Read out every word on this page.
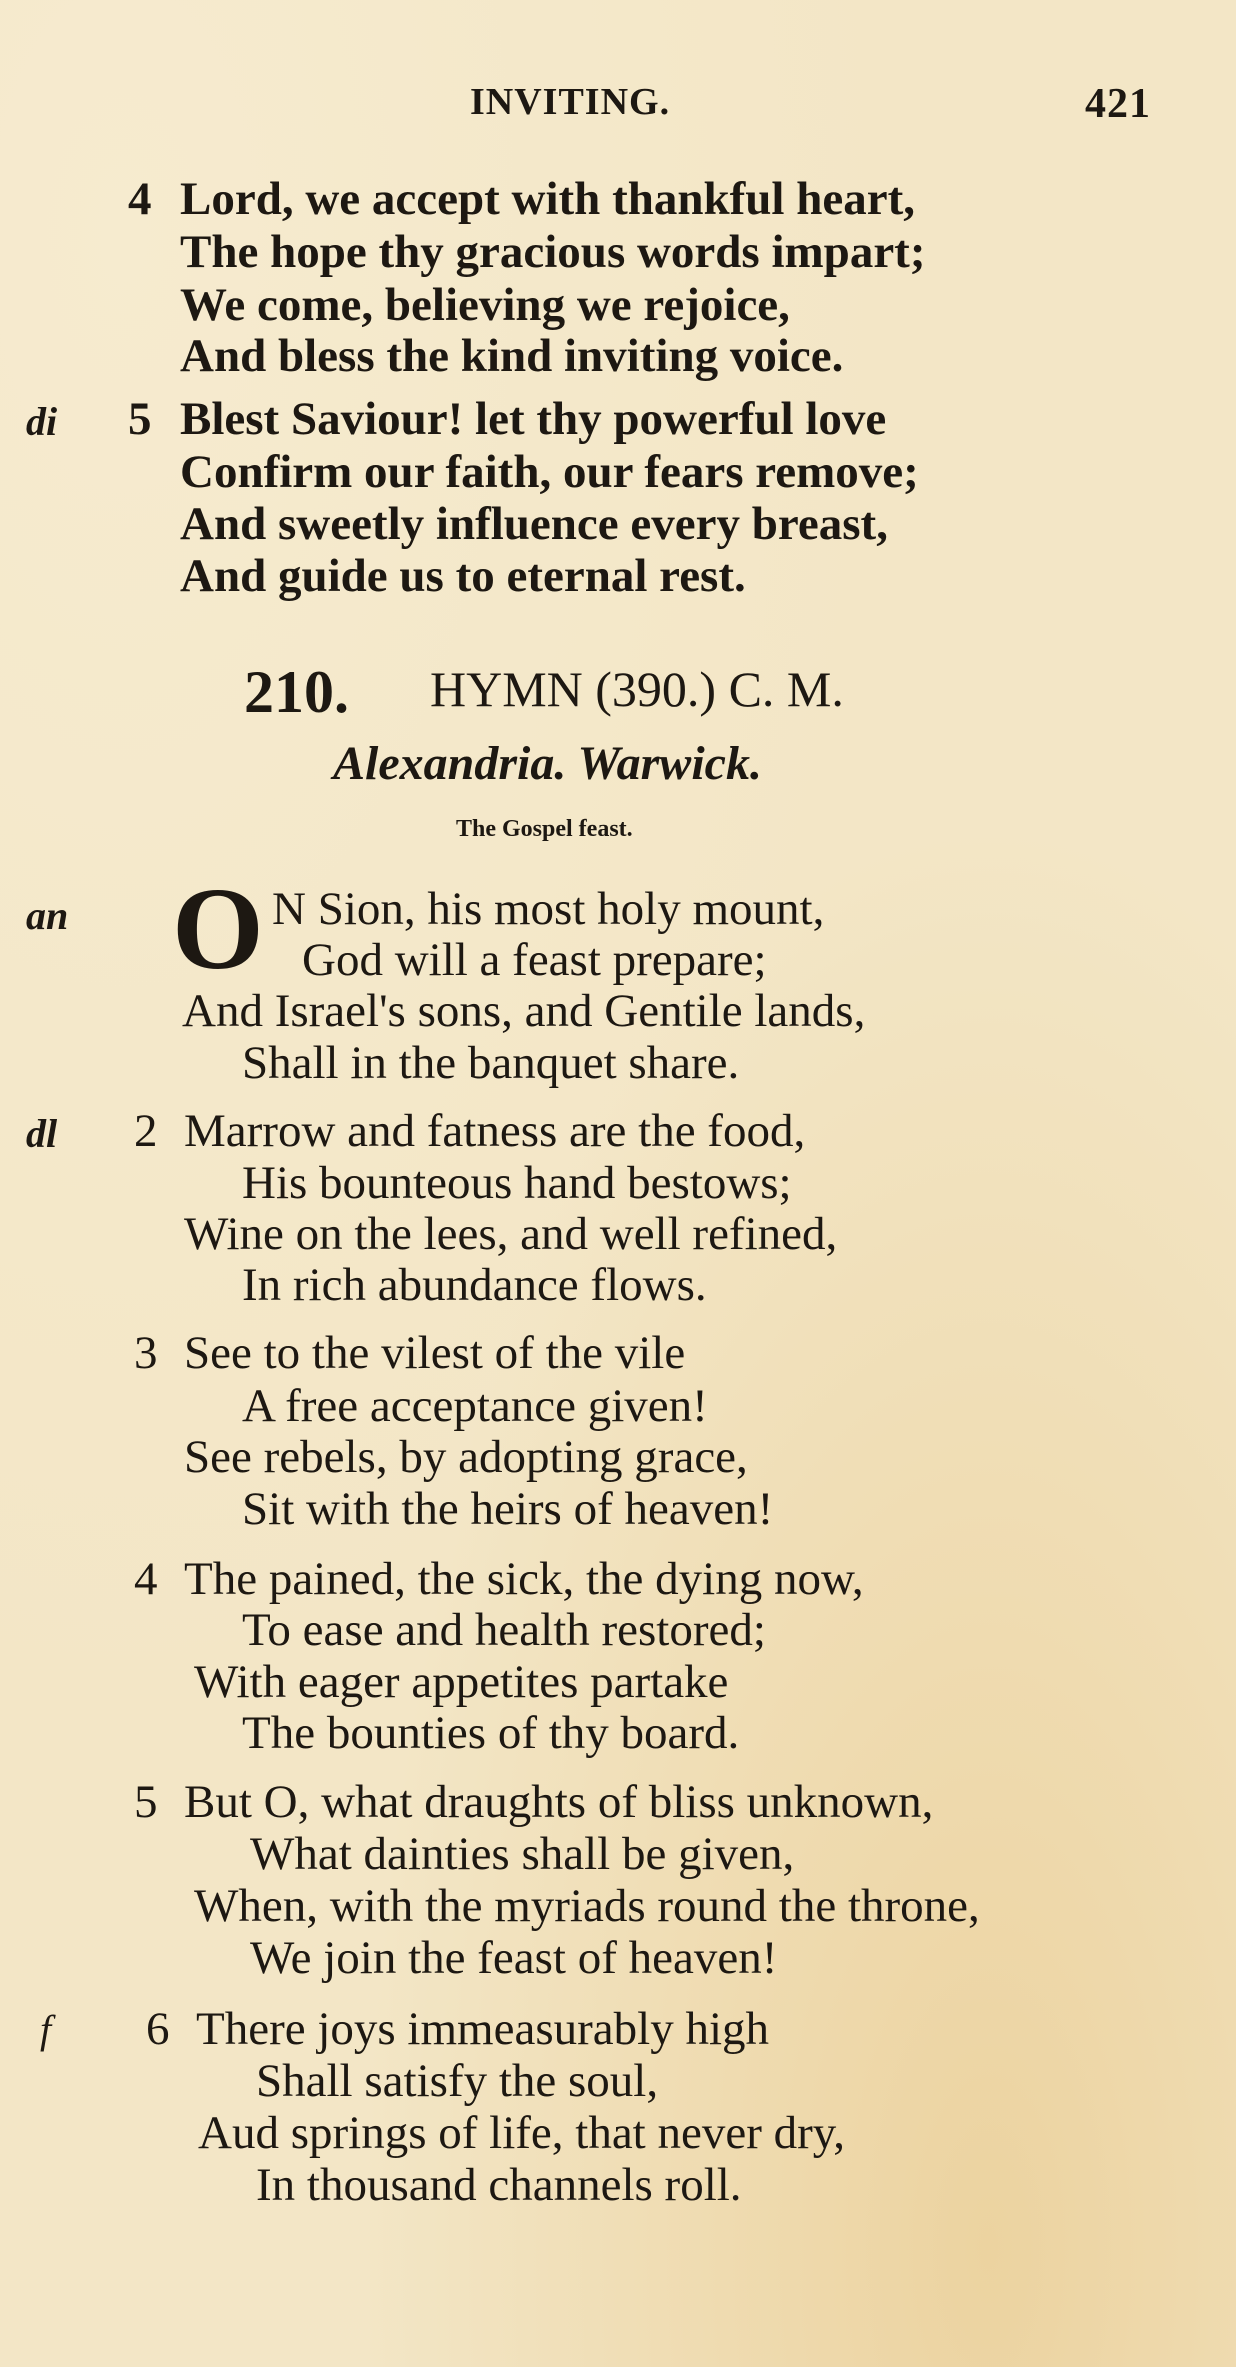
INVITING.	421
4 Lord, we accept with thankful heart,
The hope thy gracious words impart;
We come, believing we rejoice,
And bless the kind inviting voice.
di 5 Blest Saviour! let thy powerful love
Confirm our faith, our fears remove;
And sweetly influence every breast,
And guide us to eternal rest.
210. HYMN (390.) C. M.
Alexandria. Warwick.
The Gospel feast.
an O N Sion, his most holy mount,
God will a feast prepare;
And Israel's sons, and Gentile lands,
Shall in the banquet share.
dl 2 Marrow and fatness are the food,
His bounteous hand bestows;
Wine on the lees, and well refined,
In rich abundance flows.
3 See to the vilest of the vile
A free acceptance given!
See rebels, by adopting grace,
Sit with the heirs of heaven!
4 The pained, the sick, the dying now,
To ease and health restored;
With eager appetites partake
The bounties of thy board.
5 But O, what draughts of bliss unknown,
What dainties shall be given,
When, with the myriads round the throne,
We join the feast of heaven!
f 6 There joys immeasurably high
Shall satisfy the soul,
Aud springs of life, that never dry,
In thousand channels roll.
